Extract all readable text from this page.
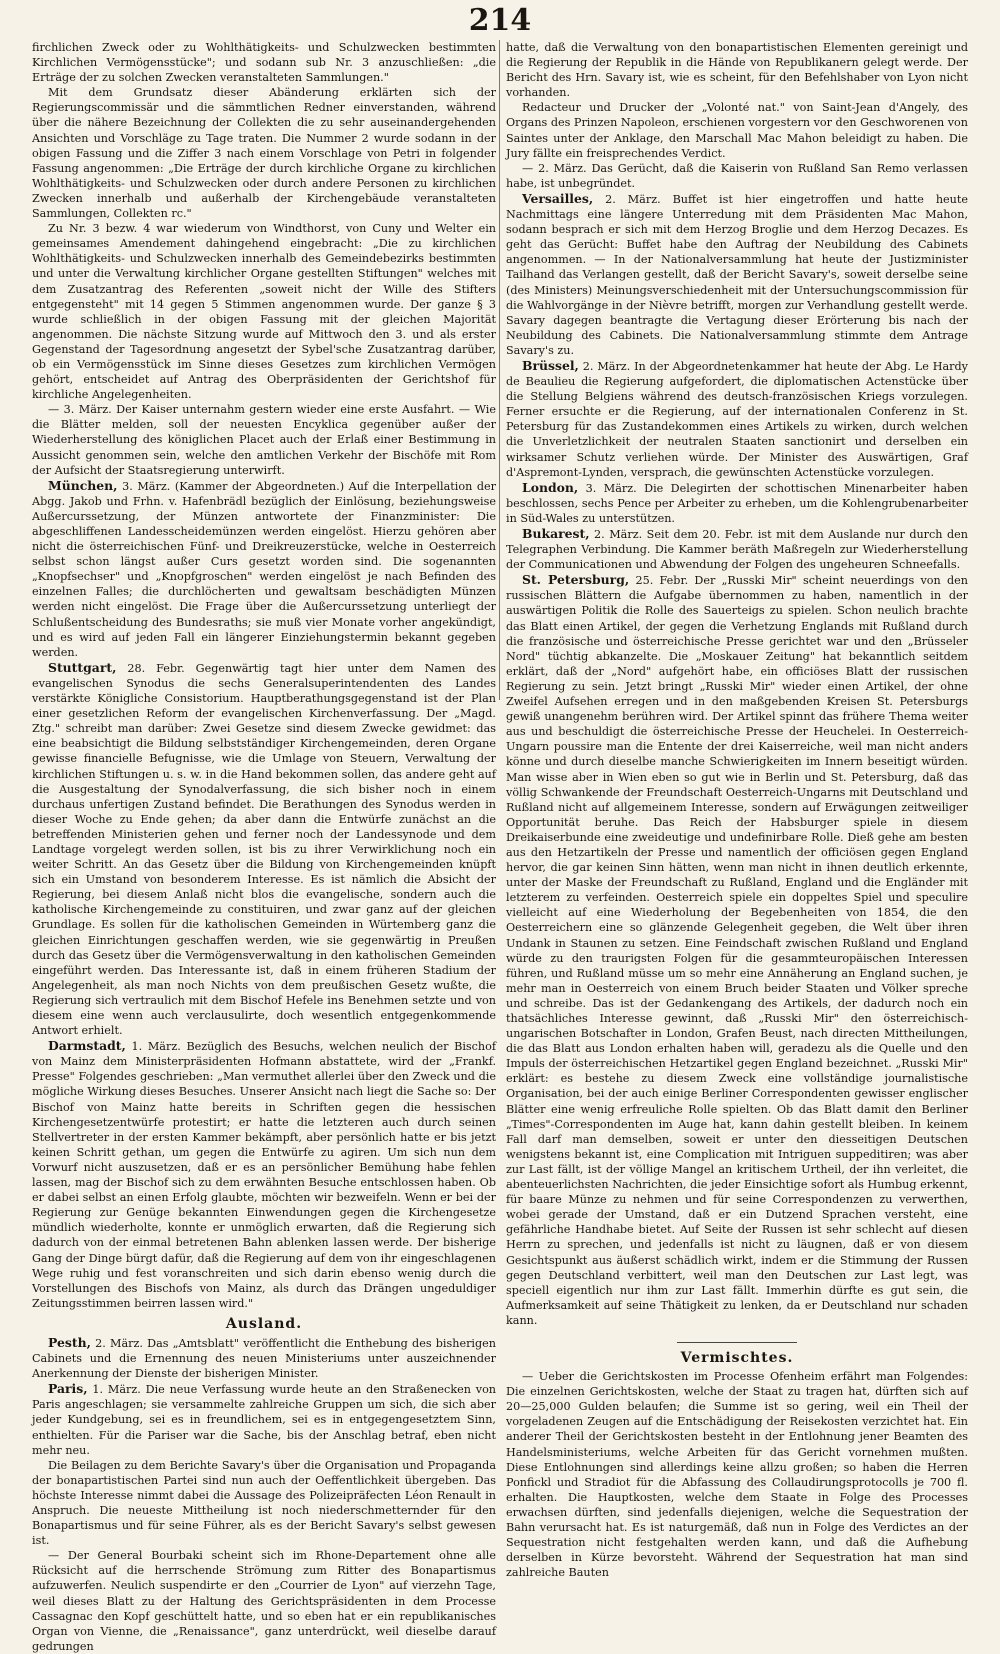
214

firchlichen Zweck oder zu Wohlthätigkeits- und Schulzwecken bestimmten Kirchlichen Vermögensstücke"; und sodann sub Nr. 3 anzuschließen: „die Erträge der zu solchen Zwecken veranstalteten Sammlungen."

Mit dem Grundsatz dieser Abänderung erklärten sich der Regierungscommissär und die sämmtlichen Redner einverstanden, während über die nähere Bezeichnung der Collekten die zu sehr auseinandergehenden Ansichten und Vorschläge zu Tage traten. Die Nummer 2 wurde sodann in der obigen Fassung und die Ziffer 3 nach einem Vorschlage von Petri in folgender Fassung angenommen: „Die Erträge der durch kirchliche Organe zu kirchlichen Wohlthätigkeits- und Schulzwecken oder durch andere Personen zu kirchlichen Zwecken innerhalb und außerhalb der Kirchengebäude veranstalteten Sammlungen, Collekten rc."

Zu Nr. 3 bezw. 4 war wiederum von Windthorst, von Cuny und Welter ein gemeinsames Amendement dahingehend eingebracht: „Die zu kirchlichen Wohlthätigkeits- und Schulzwecken innerhalb des Gemeindebezirks bestimmten und unter die Verwaltung kirchlicher Organe gestellten Stiftungen" welches mit dem Zusatzantrag des Referenten „soweit nicht der Wille des Stifters entgegensteht" mit 14 gegen 5 Stimmen angenommen wurde. Der ganze § 3 wurde schließlich in der obigen Fassung mit der gleichen Majorität angenommen. Die nächste Sitzung wurde auf Mittwoch den 3. und als erster Gegenstand der Tagesordnung angesetzt der Sybel'sche Zusatzantrag darüber, ob ein Vermögensstück im Sinne dieses Gesetzes zum kirchlichen Vermögen gehört, entscheidet auf Antrag des Oberpräsidenten der Gerichtshof für kirchliche Angelegenheiten.

— 3. März. Der Kaiser unternahm gestern wieder eine erste Ausfahrt. — Wie die Blätter melden, soll der neuesten Encyklica gegenüber außer der Wiederherstellung des königlichen Placet auch der Erlaß einer Bestimmung in Aussicht genommen sein, welche den amtlichen Verkehr der Bischöfe mit Rom der Aufsicht der Staatsregierung unterwirft.

München, 3. März. (Kammer der Abgeordneten.) Auf die Interpellation der Abgg. Jakob und Frhn. v. Hafenbrädl bezüglich der Einlösung, beziehungsweise Außercurssetzung, der Münzen antwortete der Finanzminister: Die abgeschliffenen Landesscheidemünzen werden eingelöst. Hierzu gehören aber nicht die österreichischen Fünf- und Dreikreuzerstücke, welche in Oesterreich selbst schon längst außer Curs gesetzt worden sind. Die sogenannten „Knopfsechser" und „Knopfgroschen" werden eingelöst je nach Befinden des einzelnen Falles; die durchlöcherten und gewaltsam beschädigten Münzen werden nicht eingelöst. Die Frage über die Außercurssetzung unterliegt der Schlußentscheidung des Bundesraths; sie muß vier Monate vorher angekündigt, und es wird auf jeden Fall ein längerer Einziehungstermin bekannt gegeben werden.

Stuttgart, 28. Febr. Gegenwärtig tagt hier unter dem Namen des evangelischen Synodus die sechs Generalsuperintendenten des Landes verstärkte Königliche Consistorium. Hauptberathungsgegenstand ist der Plan einer gesetzlichen Reform der evangelischen Kirchenverfassung. Der „Magd. Ztg." schreibt man darüber: Zwei Gesetze sind diesem Zwecke gewidmet: das eine beabsichtigt die Bildung selbstständiger Kirchengemeinden, deren Organe gewisse financielle Befugnisse, wie die Umlage von Steuern, Verwaltung der kirchlichen Stiftungen u. s. w. in die Hand bekommen sollen, das andere geht auf die Ausgestaltung der Synodalverfassung, die sich bisher noch in einem durchaus unfertigen Zustand befindet. Die Berathungen des Synodus werden in dieser Woche zu Ende gehen; da aber dann die Entwürfe zunächst an die betreffenden Ministerien gehen und ferner noch der Landessynode und dem Landtage vorgelegt werden sollen, ist bis zu ihrer Verwirklichung noch ein weiter Schritt. An das Gesetz über die Bildung von Kirchengemeinden knüpft sich ein Umstand von besonderem Interesse. Es ist nämlich die Absicht der Regierung, bei diesem Anlaß nicht blos die evangelische, sondern auch die katholische Kirchengemeinde zu constituiren, und zwar ganz auf der gleichen Grundlage. Es sollen für die katholischen Gemeinden in Würtemberg ganz die gleichen Einrichtungen geschaffen werden, wie sie gegenwärtig in Preußen durch das Gesetz über die Vermögensverwaltung in den katholischen Gemeinden eingeführt werden. Das Interessante ist, daß in einem früheren Stadium der Angelegenheit, als man noch Nichts von dem preußischen Gesetz wußte, die Regierung sich vertraulich mit dem Bischof Hefele ins Benehmen setzte und von diesem eine wenn auch verclausulirte, doch wesentlich entgegenkommende Antwort erhielt.

Darmstadt, 1. März. Bezüglich des Besuchs, welchen neulich der Bischof von Mainz dem Ministerpräsidenten Hofmann abstattete, wird der „Frankf. Presse" Folgendes geschrieben: „Man vermuthet allerlei über den Zweck und die mögliche Wirkung dieses Besuches. Unserer Ansicht nach liegt die Sache so: Der Bischof von Mainz hatte bereits in Schriften gegen die hessischen Kirchengesetzentwürfe protestirt; er hatte die letzteren auch durch seinen Stellvertreter in der ersten Kammer bekämpft, aber persönlich hatte er bis jetzt keinen Schritt gethan, um gegen die Entwürfe zu agiren. Um sich nun dem Vorwurf nicht auszusetzen, daß er es an persönlicher Bemühung habe fehlen lassen, mag der Bischof sich zu dem erwähnten Besuche entschlossen haben. Ob er dabei selbst an einen Erfolg glaubte, möchten wir bezweifeln. Wenn er bei der Regierung zur Genüge bekannten Einwendungen gegen die Kirchengesetze mündlich wiederholte, konnte er unmöglich erwarten, daß die Regierung sich dadurch von der einmal betretenen Bahn ablenken lassen werde. Der bisherige Gang der Dinge bürgt dafür, daß die Regierung auf dem von ihr eingeschlagenen Wege ruhig und fest voranschreiten und sich darin ebenso wenig durch die Vorstellungen des Bischofs von Mainz, als durch das Drängen ungeduldiger Zeitungsstimmen beirren lassen wird."

Ausland.

Pesth, 2. März. Das „Amtsblatt" veröffentlicht die Enthebung des bisherigen Cabinets und die Ernennung des neuen Ministeriums unter auszeichnender Anerkennung der Dienste der bisherigen Minister.

Paris, 1. März. Die neue Verfassung wurde heute an den Straßenecken von Paris angeschlagen; sie versammelte zahlreiche Gruppen um sich, die sich aber jeder Kundgebung, sei es in freundlichem, sei es in entgegengesetztem Sinn, enthielten. Für die Pariser war die Sache, bis der Anschlag betraf, eben nicht mehr neu.

Die Beilagen zu dem Berichte Savary's über die Organisation und Propaganda der bonapartistischen Partei sind nun auch der Oeffentlichkeit übergeben. Das höchste Interesse nimmt dabei die Aussage des Polizeipräfecten Léon Renault in Anspruch. Die neueste Mittheilung ist noch niederschmetternder für den Bonapartismus und für seine Führer, als es der Bericht Savary's selbst gewesen ist.

— Der General Bourbaki scheint sich im Rhone-Departement ohne alle Rücksicht auf die herrschende Strömung zum Ritter des Bonapartismus aufzuwerfen. Neulich suspendirte er den „Courrier de Lyon" auf vierzehn Tage, weil dieses Blatt zu der Haltung des Gerichtspräsidenten in dem Processe Cassagnac den Kopf geschüttelt hatte, und so eben hat er ein republikanisches Organ von Vienne, die „Renaissance", ganz unterdrückt, weil dieselbe darauf gedrungen

hatte, daß die Verwaltung von den bonapartistischen Elementen gereinigt und die Regierung der Republik in die Hände von Republikanern gelegt werde. Der Bericht des Hrn. Savary ist, wie es scheint, für den Befehlshaber von Lyon nicht vorhanden.

Redacteur und Drucker der „Volonté nat." von Saint-Jean d'Angely, des Organs des Prinzen Napoleon, erschienen vorgestern vor den Geschworenen von Saintes unter der Anklage, den Marschall Mac Mahon beleidigt zu haben. Die Jury fällte ein freisprechendes Verdict.

— 2. März. Das Gerücht, daß die Kaiserin von Rußland San Remo verlassen habe, ist unbegründet.

Versailles, 2. März. Buffet ist hier eingetroffen und hatte heute Nachmittags eine längere Unterredung mit dem Präsidenten Mac Mahon, sodann besprach er sich mit dem Herzog Broglie und dem Herzog Decazes. Es geht das Gerücht: Buffet habe den Auftrag der Neubildung des Cabinets angenommen. — In der Nationalversammlung hat heute der Justizminister Tailhand das Verlangen gestellt, daß der Bericht Savary's, soweit derselbe seine (des Ministers) Meinungsverschiedenheit mit der Untersuchungscommission für die Wahlvorgänge in der Nièvre betrifft, morgen zur Verhandlung gestellt werde. Savary dagegen beantragte die Vertagung dieser Erörterung bis nach der Neubildung des Cabinets. Die Nationalversammlung stimmte dem Antrage Savary's zu.

Brüssel, 2. März. In der Abgeordnetenkammer hat heute der Abg. Le Hardy de Beaulieu die Regierung aufgefordert, die diplomatischen Actenstücke über die Stellung Belgiens während des deutsch-französischen Kriegs vorzulegen. Ferner ersuchte er die Regierung, auf der internationalen Conferenz in St. Petersburg für das Zustandekommen eines Artikels zu wirken, durch welchen die Unverletzlichkeit der neutralen Staaten sanctionirt und derselben ein wirksamer Schutz verliehen würde. Der Minister des Auswärtigen, Graf d'Aspremont-Lynden, versprach, die gewünschten Actenstücke vorzulegen.

London, 3. März. Die Delegirten der schottischen Minenarbeiter haben beschlossen, sechs Pence per Arbeiter zu erheben, um die Kohlengrubenarbeiter in Süd-Wales zu unterstützen.

Bukarest, 2. März. Seit dem 20. Febr. ist mit dem Auslande nur durch den Telegraphen Verbindung. Die Kammer beräth Maßregeln zur Wiederherstellung der Communicationen und Abwendung der Folgen des ungeheuren Schneefalls.

St. Petersburg, 25. Febr. Der „Russki Mir" scheint neuerdings von den russischen Blättern die Aufgabe übernommen zu haben, namentlich in der auswärtigen Politik die Rolle des Sauerteigs zu spielen. Schon neulich brachte das Blatt einen Artikel, der gegen die Verhetzung Englands mit Rußland durch die französische und österreichische Presse gerichtet war und den „Brüsseler Nord" tüchtig abkanzelte. Die „Moskauer Zeitung" hat bekanntlich seitdem erklärt, daß der „Nord" aufgehört habe, ein officiöses Blatt der russischen Regierung zu sein. Jetzt bringt „Russki Mir" wieder einen Artikel, der ohne Zweifel Aufsehen erregen und in den maßgebenden Kreisen St. Petersburgs gewiß unangenehm berühren wird. Der Artikel spinnt das frühere Thema weiter aus und beschuldigt die österreichische Presse der Heuchelei. In Oesterreich-Ungarn poussire man die Entente der drei Kaiserreiche, weil man nicht anders könne und durch dieselbe manche Schwierigkeiten im Innern beseitigt würden. Man wisse aber in Wien eben so gut wie in Berlin und St. Petersburg, daß das völlig Schwankende der Freundschaft Oesterreich-Ungarns mit Deutschland und Rußland nicht auf allgemeinem Interesse, sondern auf Erwägungen zeitweiliger Opportunität beruhe. Das Reich der Habsburger spiele in diesem Dreikaiserbunde eine zweideutige und undefinirbare Rolle. Dieß gehe am besten aus den Hetzartikeln der Presse und namentlich der officiösen gegen England hervor, die gar keinen Sinn hätten, wenn man nicht in ihnen deutlich erkennte, unter der Maske der Freundschaft zu Rußland, England und die Engländer mit letzterem zu verfeinden. Oesterreich spiele ein doppeltes Spiel und speculire vielleicht auf eine Wiederholung der Begebenheiten von 1854, die den Oesterreichern eine so glänzende Gelegenheit gegeben, die Welt über ihren Undank in Staunen zu setzen. Eine Feindschaft zwischen Rußland und England würde zu den traurigsten Folgen für die gesammteuropäischen Interessen führen, und Rußland müsse um so mehr eine Annäherung an England suchen, je mehr man in Oesterreich von einem Bruch beider Staaten und Völker spreche und schreibe. Das ist der Gedankengang des Artikels, der dadurch noch ein thatsächliches Interesse gewinnt, daß „Russki Mir" den österreichisch-ungarischen Botschafter in London, Grafen Beust, nach directen Mittheilungen, die das Blatt aus London erhalten haben will, geradezu als die Quelle und den Impuls der österreichischen Hetzartikel gegen England bezeichnet. „Russki Mir" erklärt: es bestehe zu diesem Zweck eine vollständige journalistische Organisation, bei der auch einige Berliner Correspondenten gewisser englischer Blätter eine wenig erfreuliche Rolle spielten. Ob das Blatt damit den Berliner „Times"-Correspondenten im Auge hat, kann dahin gestellt bleiben. In keinem Fall darf man demselben, soweit er unter den diesseitigen Deutschen wenigstens bekannt ist, eine Complication mit Intriguen suppeditiren; was aber zur Last fällt, ist der völlige Mangel an kritischem Urtheil, der ihn verleitet, die abenteuerlichsten Nachrichten, die jeder Einsichtige sofort als Humbug erkennt, für baare Münze zu nehmen und für seine Correspondenzen zu verwerthen, wobei gerade der Umstand, daß er ein Dutzend Sprachen versteht, eine gefährliche Handhabe bietet. Auf Seite der Russen ist sehr schlecht auf diesen Herrn zu sprechen, und jedenfalls ist nicht zu läugnen, daß er von diesem Gesichtspunkt aus äußerst schädlich wirkt, indem er die Stimmung der Russen gegen Deutschland verbittert, weil man den Deutschen zur Last legt, was speciell eigentlich nur ihm zur Last fällt. Immerhin dürfte es gut sein, die Aufmerksamkeit auf seine Thätigkeit zu lenken, da er Deutschland nur schaden kann.

Vermischtes.

— Ueber die Gerichtskosten im Processe Ofenheim erfährt man Folgendes: Die einzelnen Gerichtskosten, welche der Staat zu tragen hat, dürften sich auf 20—25,000 Gulden belaufen; die Summe ist so gering, weil ein Theil der vorgeladenen Zeugen auf die Entschädigung der Reisekosten verzichtet hat. Ein anderer Theil der Gerichtskosten besteht in der Entlohnung jener Beamten des Handelsministeriums, welche Arbeiten für das Gericht vornehmen mußten. Diese Entlohnungen sind allerdings keine allzu großen; so haben die Herren Ponfickl und Stradiot für die Abfassung des Collaudirungsprotocolls je 700 fl. erhalten. Die Hauptkosten, welche dem Staate in Folge des Processes erwachsen dürften, sind jedenfalls diejenigen, welche die Sequestration der Bahn verursacht hat. Es ist naturgemäß, daß nun in Folge des Verdictes an der Sequestration nicht festgehalten werden kann, und daß die Aufhebung derselben in Kürze bevorsteht. Während der Sequestration hat man sind zahlreiche Bauten
